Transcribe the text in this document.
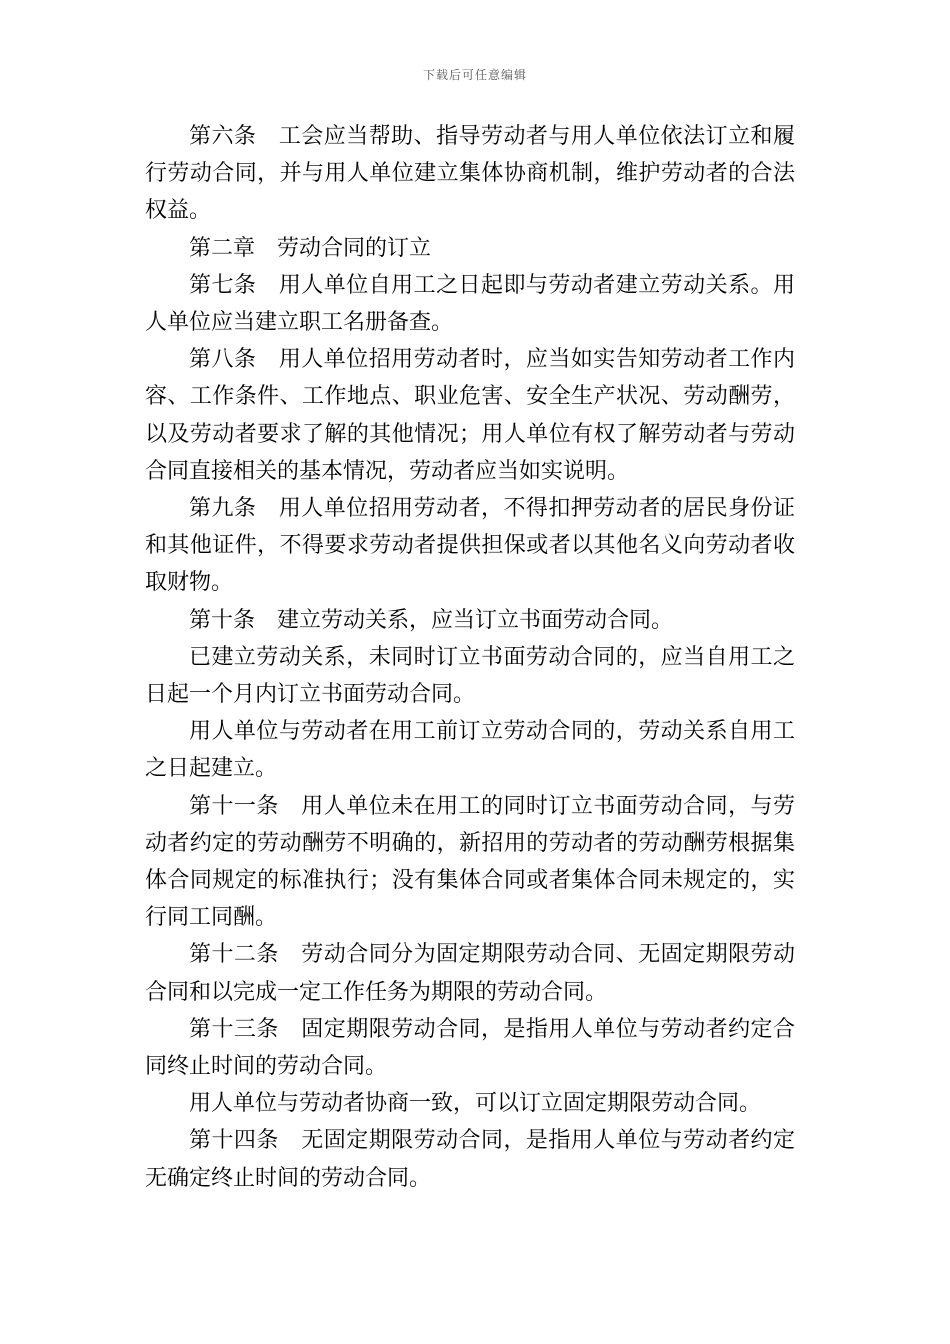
下载后可任意编辑

第六条　工会应当帮助、指导劳动者与用人单位依法订立和履行劳动合同，并与用人单位建立集体协商机制，维护劳动者的合法权益。

第二章　劳动合同的订立

第七条　用人单位自用工之日起即与劳动者建立劳动关系。用人单位应当建立职工名册备查。

第八条　用人单位招用劳动者时，应当如实告知劳动者工作内容、工作条件、工作地点、职业危害、安全生产状况、劳动酬劳，以及劳动者要求了解的其他情况；用人单位有权了解劳动者与劳动合同直接相关的基本情况，劳动者应当如实说明。

第九条　用人单位招用劳动者，不得扣押劳动者的居民身份证和其他证件，不得要求劳动者提供担保或者以其他名义向劳动者收取财物。

第十条　建立劳动关系，应当订立书面劳动合同。

已建立劳动关系，未同时订立书面劳动合同的，应当自用工之日起一个月内订立书面劳动合同。

用人单位与劳动者在用工前订立劳动合同的，劳动关系自用工之日起建立。

第十一条　用人单位未在用工的同时订立书面劳动合同，与劳动者约定的劳动酬劳不明确的，新招用的劳动者的劳动酬劳根据集体合同规定的标准执行；没有集体合同或者集体合同未规定的，实行同工同酬。

第十二条　劳动合同分为固定期限劳动合同、无固定期限劳动合同和以完成一定工作任务为期限的劳动合同。

第十三条　固定期限劳动合同，是指用人单位与劳动者约定合同终止时间的劳动合同。

用人单位与劳动者协商一致，可以订立固定期限劳动合同。

第十四条　无固定期限劳动合同，是指用人单位与劳动者约定无确定终止时间的劳动合同。
